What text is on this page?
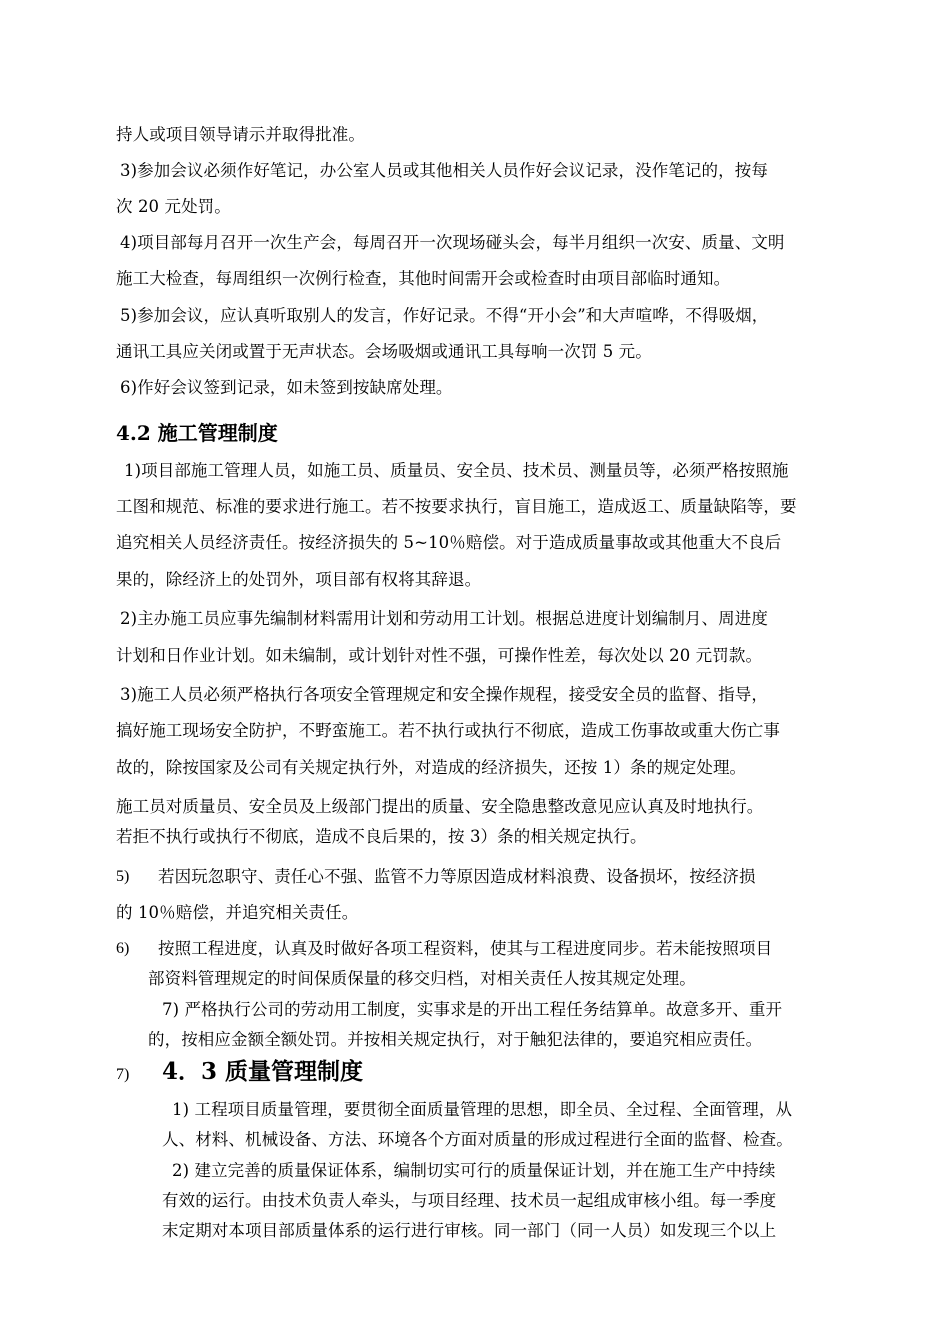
持人或项目领导请示并取得批准。
3)参加会议必须作好笔记，办公室人员或其他相关人员作好会议记录，没作笔记的，按每
次 20 元处罚。
4)项目部每月召开一次生产会，每周召开一次现场碰头会，每半月组织一次安、质量、文明
施工大检查，每周组织一次例行检查，其他时间需开会或检查时由项目部临时通知。
5)参加会议，应认真听取别人的发言，作好记录。不得“开小会”和大声喧哗，不得吸烟，
通讯工具应关闭或置于无声状态。会场吸烟或通讯工具每响一次罚 5 元。
6)作好会议签到记录，如未签到按缺席处理。
4.2 施工管理制度
1)项目部施工管理人员，如施工员、质量员、安全员、技术员、测量员等，必须严格按照施
工图和规范、标准的要求进行施工。若不按要求执行，盲目施工，造成返工、质量缺陷等，要
追究相关人员经济责任。按经济损失的 5~10％赔偿。对于造成质量事故或其他重大不良后
果的，除经济上的处罚外，项目部有权将其辞退。
2)主办施工员应事先编制材料需用计划和劳动用工计划。根据总进度计划编制月、周进度
计划和日作业计划。如未编制，或计划针对性不强，可操作性差，每次处以 20 元罚款。
3)施工人员必须严格执行各项安全管理规定和安全操作规程，接受安全员的监督、指导，
搞好施工现场安全防护，不野蛮施工。若不执行或执行不彻底，造成工伤事故或重大伤亡事
故的，除按国家及公司有关规定执行外，对造成的经济损失，还按 1）条的规定处理。
施工员对质量员、安全员及上级部门提出的质量、安全隐患整改意见应认真及时地执行。
若拒不执行或执行不彻底，造成不良后果的，按 3）条的相关规定执行。
5) 若因玩忽职守、责任心不强、监管不力等原因造成材料浪费、设备损坏，按经济损
的 10％赔偿，并追究相关责任。
6) 按照工程进度，认真及时做好各项工程资料，使其与工程进度同步。若未能按照项目
部资料管理规定的时间保质保量的移交归档，对相关责任人按其规定处理。
7) 严格执行公司的劳动用工制度，实事求是的开出工程任务结算单。故意多开、重开
的，按相应金额全额处罚。并按相关规定执行，对于触犯法律的，要追究相应责任。
7) 4．3 质量管理制度
1) 工程项目质量管理，要贯彻全面质量管理的思想，即全员、全过程、全面管理，从
人、材料、机械设备、方法、环境各个方面对质量的形成过程进行全面的监督、检查。
2) 建立完善的质量保证体系，编制切实可行的质量保证计划，并在施工生产中持续
有效的运行。由技术负责人牵头，与项目经理、技术员一起组成审核小组。每一季度
末定期对本项目部质量体系的运行进行审核。同一部门（同一人员）如发现三个以上
